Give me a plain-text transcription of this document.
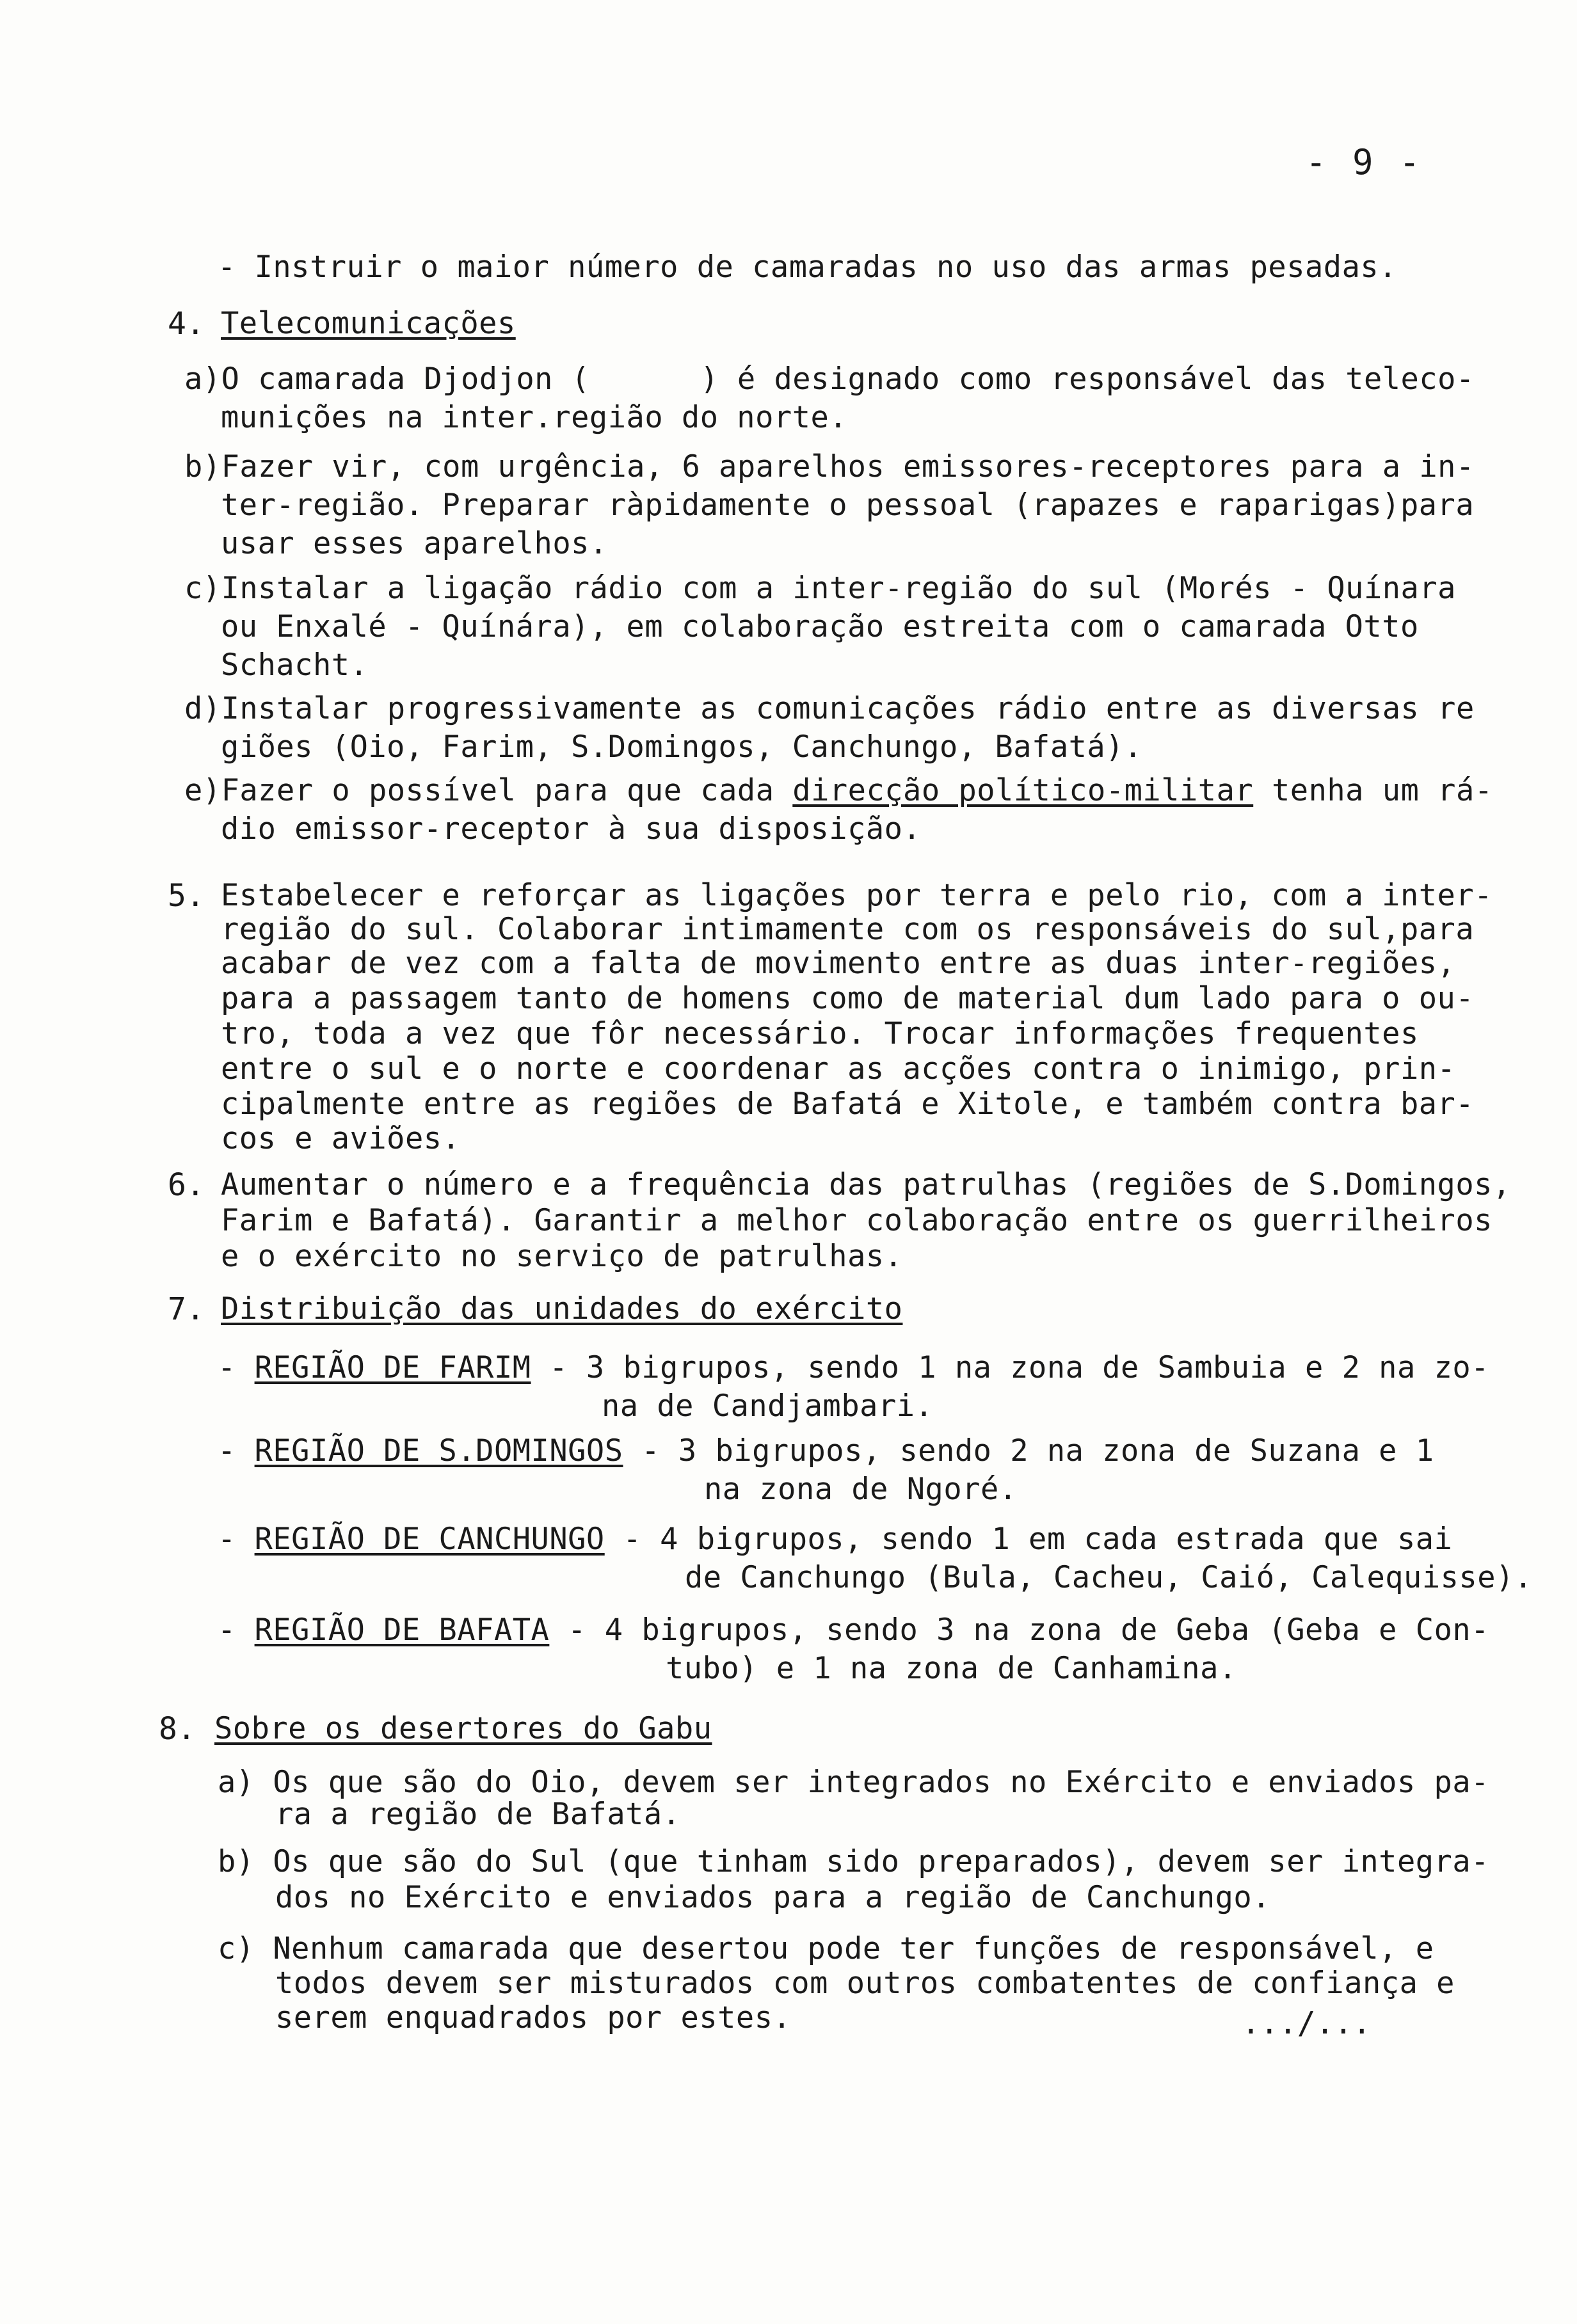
- 9 -
- Instruir o maior número de camaradas no uso das armas pesadas.
4. Telecomunicações
a)O camarada Djodjon (      ) é designado como responsável das teleco-
munições na inter.região do norte.
b)Fazer vir, com urgência, 6 aparelhos emissores-receptores para a in-
ter-região. Preparar ràpidamente o pessoal (rapazes e raparigas)para
usar esses aparelhos.
c)Instalar a ligação rádio com a inter-região do sul (Morés - Quínara
ou Enxalé - Quínára), em colaboração estreita com o camarada Otto
Schacht.
d)Instalar progressivamente as comunicações rádio entre as diversas re
giões (Oio, Farim, S.Domingos, Canchungo, Bafatá).
e)Fazer o possível para que cada direcção político-militar tenha um rá-
dio emissor-receptor à sua disposição.
5. Estabelecer e reforçar as ligações por terra e pelo rio, com a inter-
região do sul. Colaborar intimamente com os responsáveis do sul,para
acabar de vez com a falta de movimento entre as duas inter-regiões,
para a passagem tanto de homens como de material dum lado para o ou-
tro, toda a vez que fôr necessário. Trocar informações frequentes
entre o sul e o norte e coordenar as acções contra o inimigo, prin-
cipalmente entre as regiões de Bafatá e Xitole, e também contra bar-
cos e aviões.
6. Aumentar o número e a frequência das patrulhas (regiões de S.Domingos,
Farim e Bafatá). Garantir a melhor colaboração entre os guerrilheiros
e o exército no serviço de patrulhas.
7. Distribuição das unidades do exército
- REGIÃO DE FARIM - 3 bigrupos, sendo 1 na zona de Sambuia e 2 na zo-
na de Candjambari.
- REGIÃO DE S.DOMINGOS - 3 bigrupos, sendo 2 na zona de Suzana e 1
na zona de Ngoré.
- REGIÃO DE CANCHUNGO - 4 bigrupos, sendo 1 em cada estrada que sai
de Canchungo (Bula, Cacheu, Caió, Calequisse).
- REGIÃO DE BAFATA - 4 bigrupos, sendo 3 na zona de Geba (Geba e Con-
tubo) e 1 na zona de Canhamina.
8. Sobre os desertores do Gabu
a) Os que são do Oio, devem ser integrados no Exército e enviados pa-
ra a região de Bafatá.
b) Os que são do Sul (que tinham sido preparados), devem ser integra-
dos no Exército e enviados para a região de Canchungo.
c) Nenhum camarada que desertou pode ter funções de responsável, e
todos devem ser misturados com outros combatentes de confiança e
serem enquadrados por estes.	.../...
